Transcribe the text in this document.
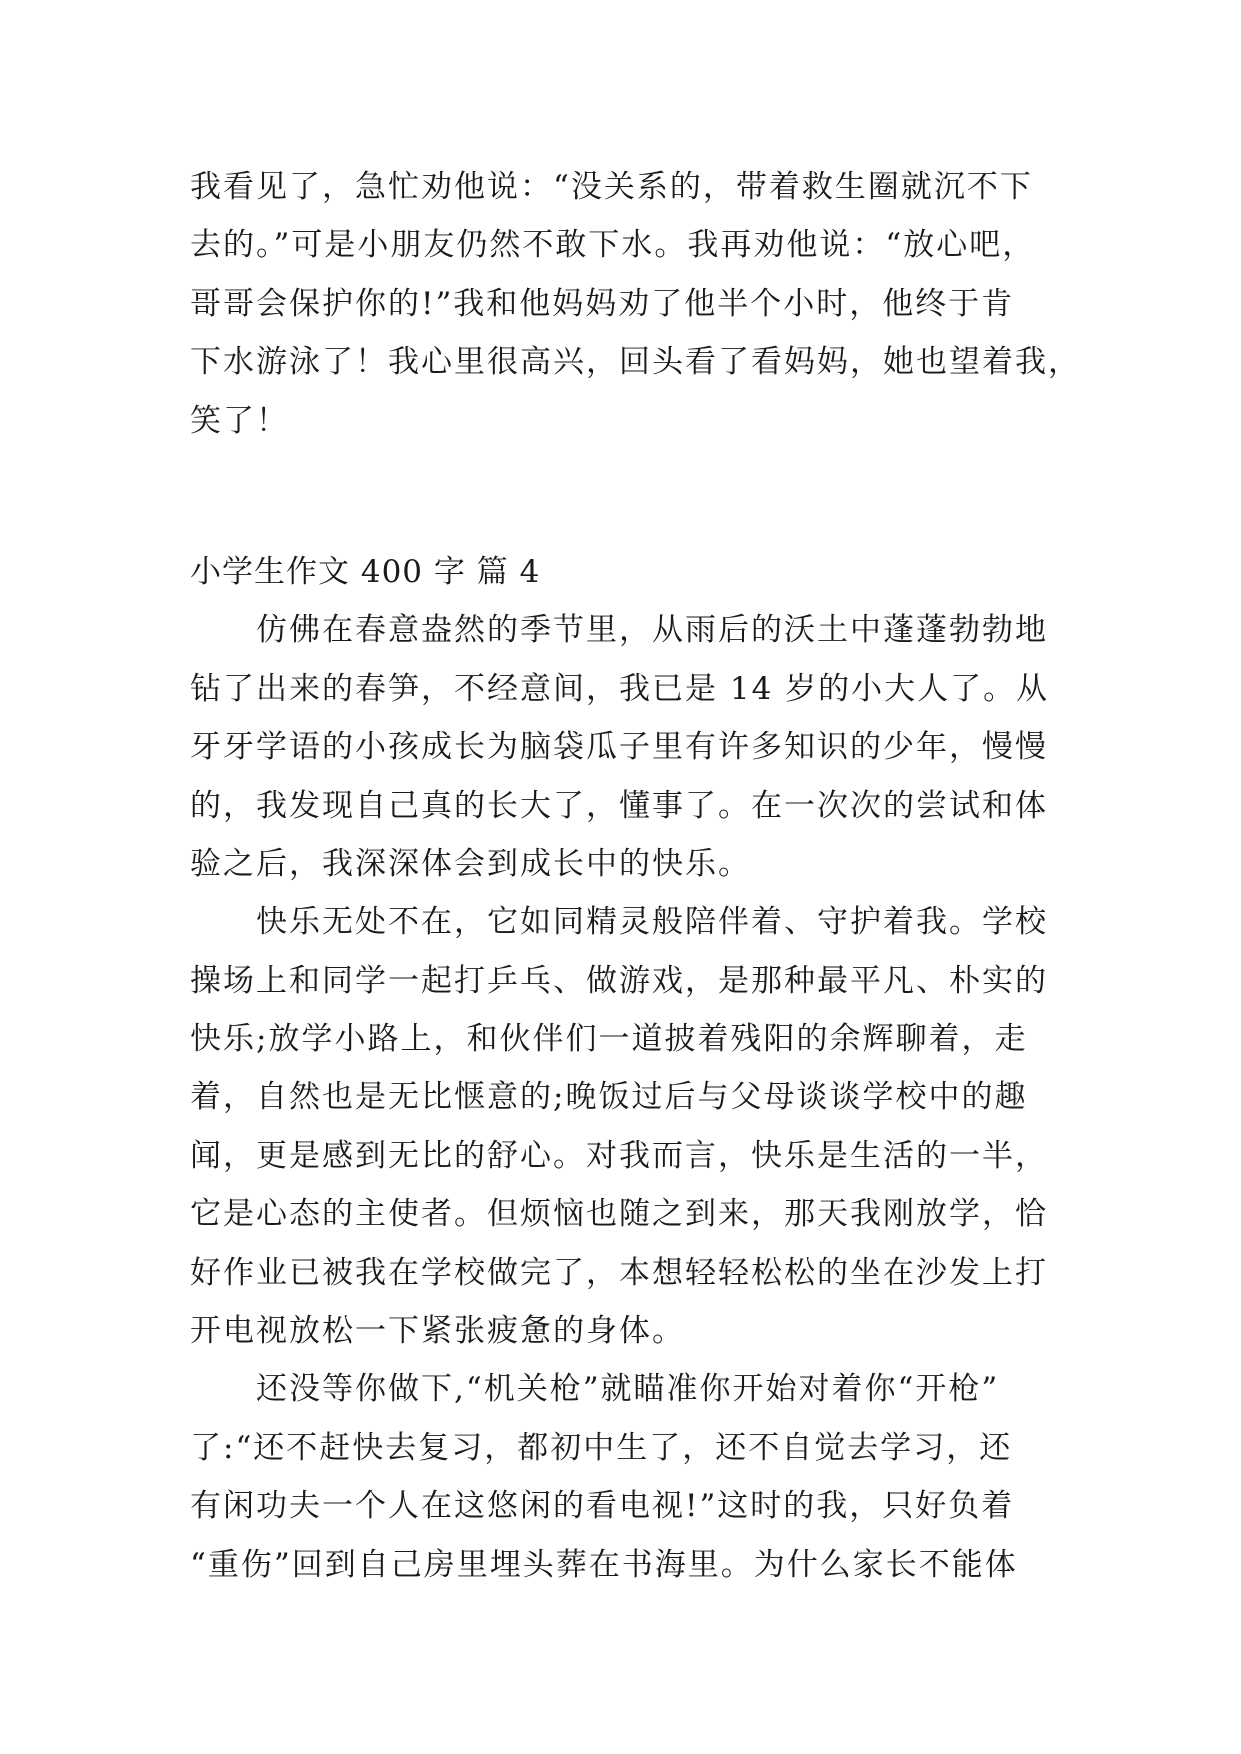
我看见了，急忙劝他说：“没关系的，带着救生圈就沉不下
去的。”可是小朋友仍然不敢下水。我再劝他说：“放心吧，
哥哥会保护你的!”我和他妈妈劝了他半个小时，他终于肯
下水游泳了！我心里很高兴，回头看了看妈妈，她也望着我，
笑了！
小学生作文 400 字 篇 4
　　仿佛在春意盎然的季节里，从雨后的沃土中蓬蓬勃勃地
钻了出来的春笋，不经意间，我已是 14 岁的小大人了。从
牙牙学语的小孩成长为脑袋瓜子里有许多知识的少年，慢慢
的，我发现自己真的长大了，懂事了。在一次次的尝试和体
验之后，我深深体会到成长中的快乐。
　　快乐无处不在，它如同精灵般陪伴着、守护着我。学校
操场上和同学一起打乒乓、做游戏，是那种最平凡、朴实的
快乐;放学小路上，和伙伴们一道披着残阳的余辉聊着，走
着，自然也是无比惬意的;晚饭过后与父母谈谈学校中的趣
闻，更是感到无比的舒心。对我而言，快乐是生活的一半，
它是心态的主使者。但烦恼也随之到来，那天我刚放学，恰
好作业已被我在学校做完了，本想轻轻松松的坐在沙发上打
开电视放松一下紧张疲惫的身体。
　　还没等你做下,“机关枪”就瞄准你开始对着你“开枪”
了:“还不赶快去复习，都初中生了，还不自觉去学习，还
有闲功夫一个人在这悠闲的看电视!”这时的我，只好负着
“重伤”回到自己房里埋头葬在书海里。为什么家长不能体
